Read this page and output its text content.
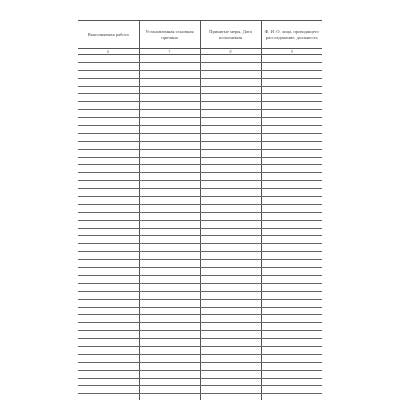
Выполняемая работа	Установленная основная причина	Принятые меры, Дата исполнения	Ф. И. О. лица, проводящего расследование, должность
6	7	8	9
